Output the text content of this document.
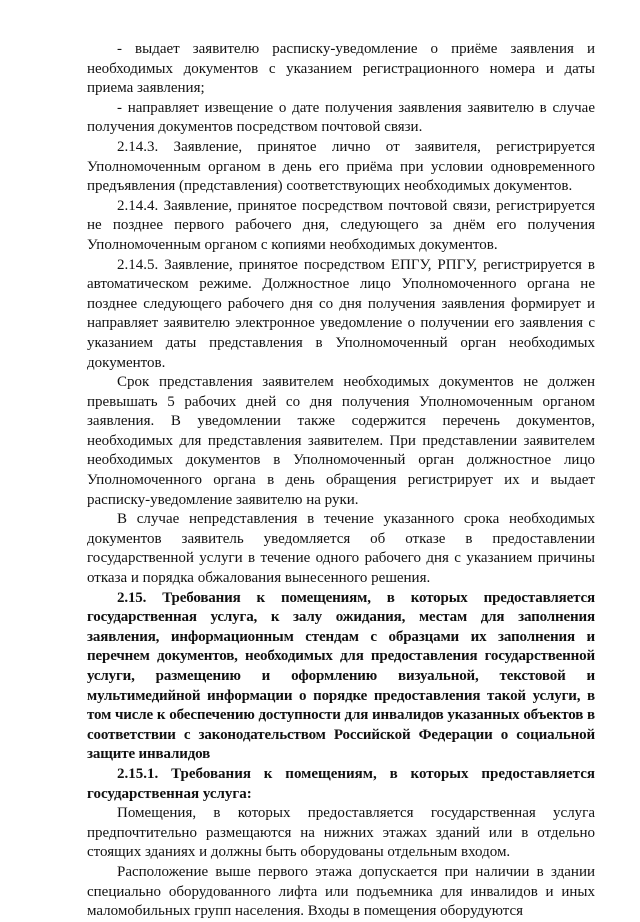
- выдает заявителю расписку-уведомление о приёме заявления и необходимых документов с указанием регистрационного номера и даты приема заявления;

- направляет извещение о дате получения заявления заявителю в случае получения документов посредством почтовой связи.

2.14.3. Заявление, принятое лично от заявителя, регистрируется Уполномоченным органом в день его приёма при условии одновременного предъявления (представления) соответствующих необходимых документов.

2.14.4. Заявление, принятое посредством почтовой связи, регистрируется не позднее первого рабочего дня, следующего за днём его получения Уполномоченным органом с копиями необходимых документов.

2.14.5. Заявление, принятое посредством ЕПГУ, РПГУ, регистрируется в автоматическом режиме. Должностное лицо Уполномоченного органа не позднее следующего рабочего дня со дня получения заявления формирует и направляет заявителю электронное уведомление о получении его заявления с указанием даты представления в Уполномоченный орган необходимых документов.

Срок представления заявителем необходимых документов не должен превышать 5 рабочих дней со дня получения Уполномоченным органом заявления. В уведомлении также содержится перечень документов, необходимых для представления заявителем. При представлении заявителем необходимых документов в Уполномоченный орган должностное лицо Уполномоченного органа в день обращения регистрирует их и выдает расписку-уведомление заявителю на руки.

В случае непредставления в течение указанного срока необходимых документов заявитель уведомляется об отказе в предоставлении государственной услуги в течение одного рабочего дня с указанием причины отказа и порядка обжалования вынесенного решения.

2.15. Требования к помещениям, в которых предоставляется государственная услуга, к залу ожидания, местам для заполнения заявления, информационным стендам с образцами их заполнения и перечнем документов, необходимых для предоставления государственной услуги, размещению и оформлению визуальной, текстовой и мультимедийной информации о порядке предоставления такой услуги, в том числе к обеспечению доступности для инвалидов указанных объектов в соответствии с законодательством Российской Федерации о социальной защите инвалидов

2.15.1. Требования к помещениям, в которых предоставляется государственная услуга:

Помещения, в которых предоставляется государственная услуга предпочтительно размещаются на нижних этажах зданий или в отдельно стоящих зданиях и должны быть оборудованы отдельным входом.

Расположение выше первого этажа допускается при наличии в здании специально оборудованного лифта или подъемника для инвалидов и иных маломобильных групп населения. Входы в помещения оборудуются
